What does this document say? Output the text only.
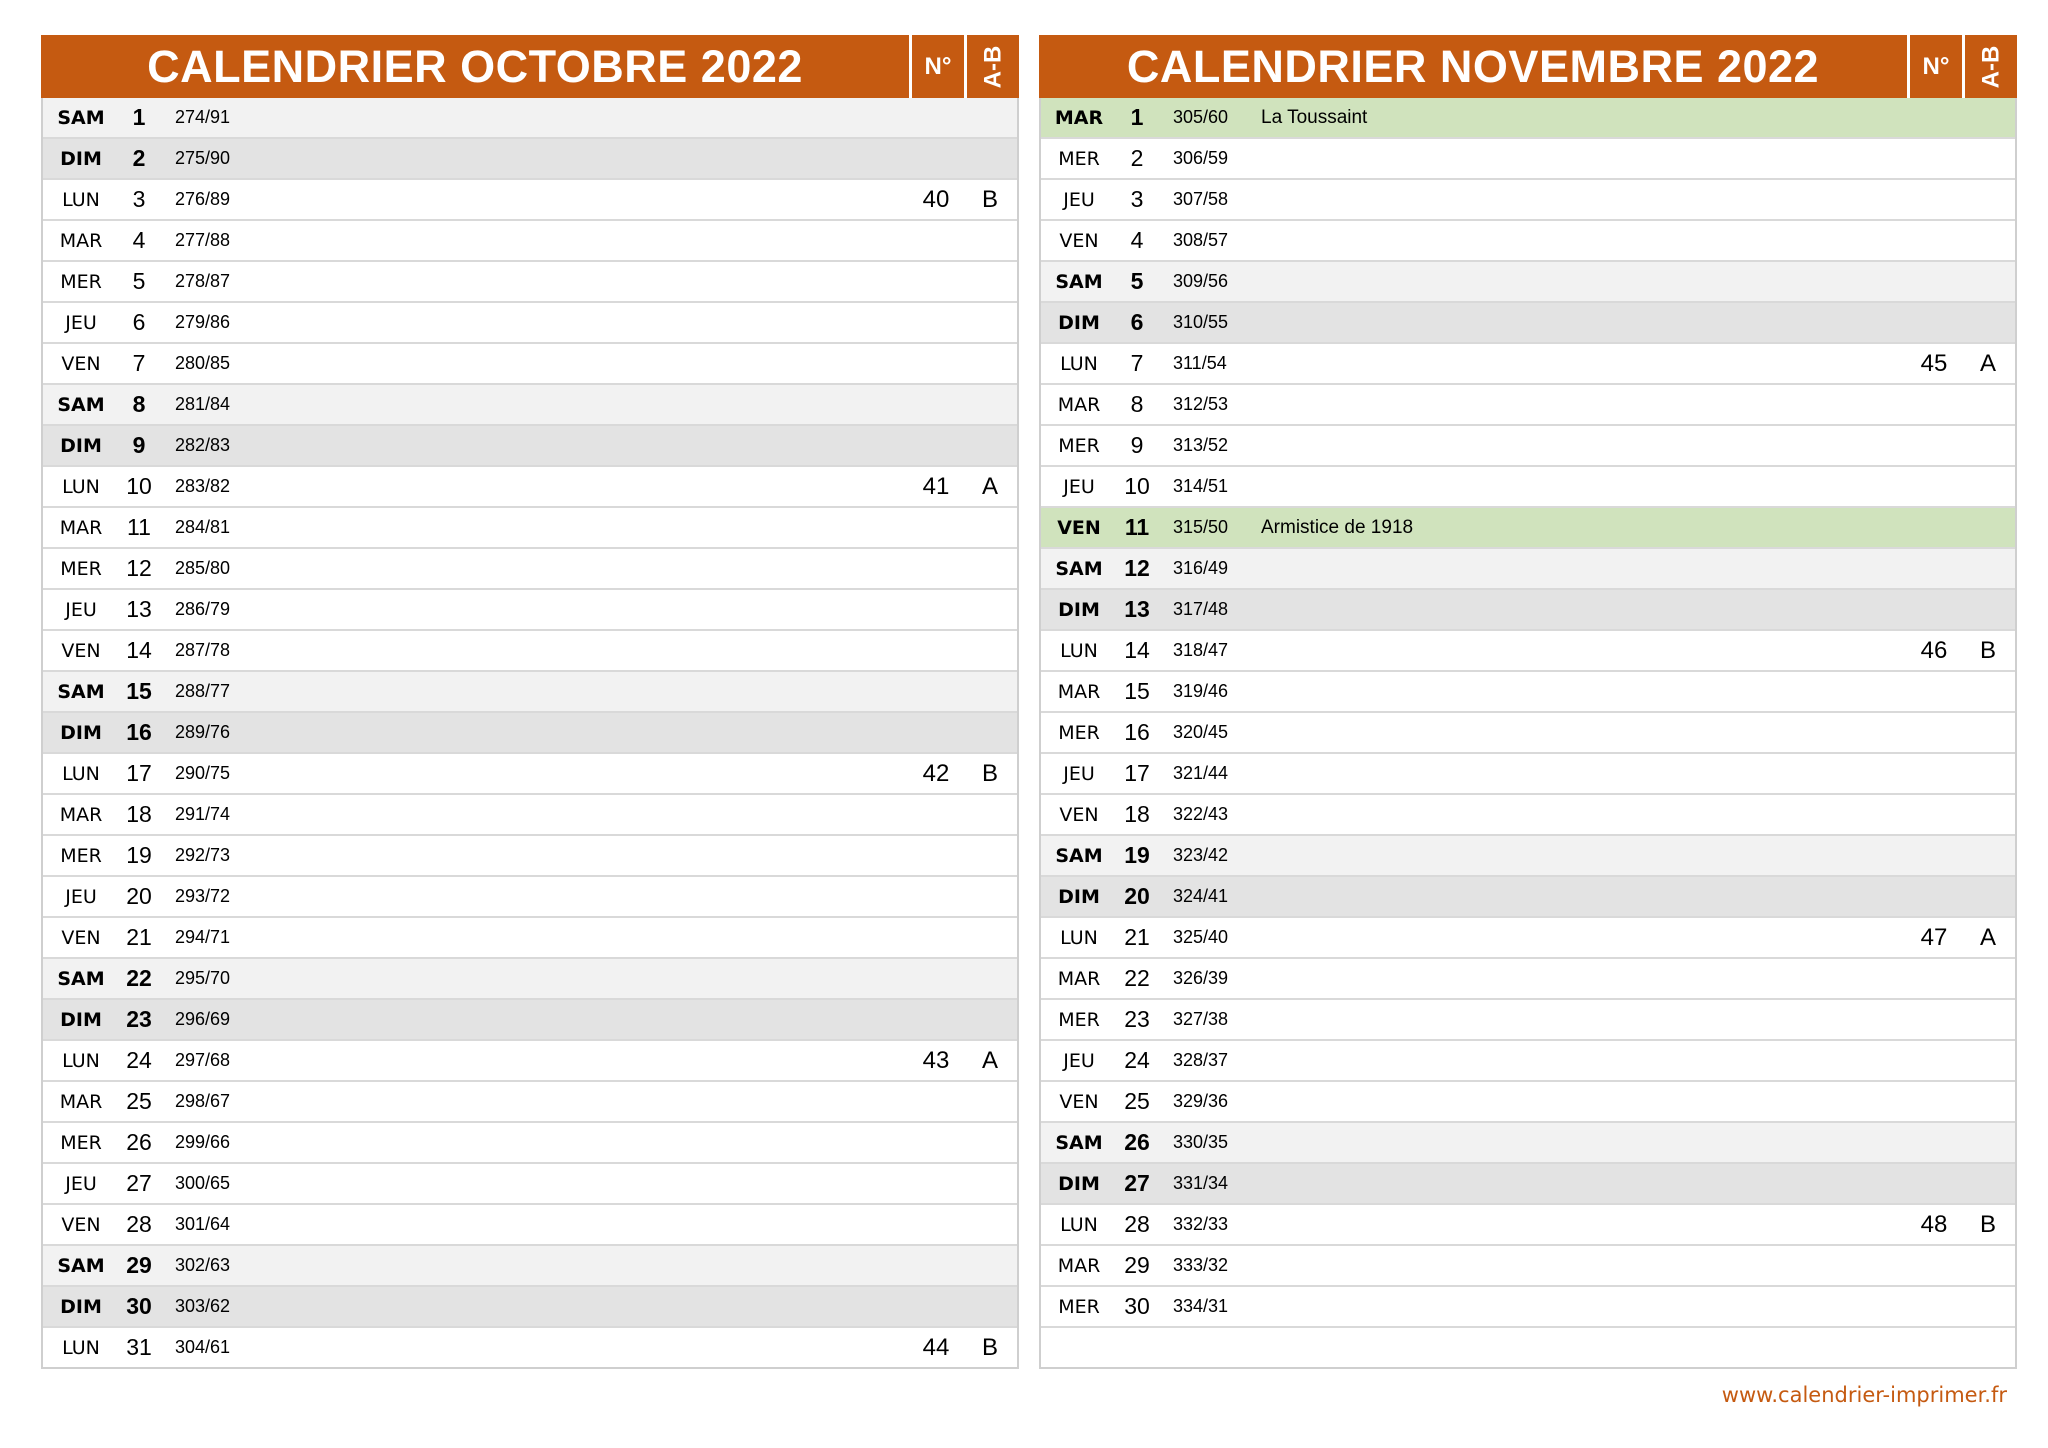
CALENDRIER OCTOBRE 2022	N°	A-B
SAM	1	274/91
DIM	2	275/90
LUN	3	276/89	40	B
MAR	4	277/88
MER	5	278/87
JEU	6	279/86
VEN	7	280/85
SAM	8	281/84
DIM	9	282/83
LUN	10	283/82	41	A
MAR	11	284/81
MER	12	285/80
JEU	13	286/79
VEN	14	287/78
SAM 15	288/77
DIM	16	289/76
LUN	17	290/75	42	B
MAR	18	291/74
MER	19	292/73
JEU	20	293/72
VEN	21	294/71
SAM 22	295/70
DIM	23	296/69
LUN	24	297/68	43	A
MAR	25	298/67
MER	26	299/66
JEU	27	300/65
VEN	28	301/64
SAM 29	302/63
DIM	30	303/62
LUN	31	304/61	44	B
CALENDRIER NOVEMBRE 2022	N°	A-B
MAR	1	305/60	La Toussaint
MER	2	306/59
JEU	3	307/58
VEN	4	308/57
SAM	5	309/56
DIM	6	310/55
LUN	7	311/54	45	A
MAR	8	312/53
MER	9	313/52
JEU	10	314/51
VEN	11	315/50	Armistice de 1918
SAM 12	316/49
DIM	13	317/48
LUN	14	318/47	46	B
MAR	15	319/46
MER	16	320/45
JEU	17	321/44
VEN	18	322/43
SAM 19	323/42
DIM	20	324/41
LUN	21	325/40	47	A
MAR	22	326/39
MER	23	327/38
JEU	24	328/37
VEN	25	329/36
SAM 26	330/35
DIM	27	331/34
LUN	28	332/33	48	B
MAR	29	333/32
MER	30	334/31
www.calendrier-imprimer.fr
